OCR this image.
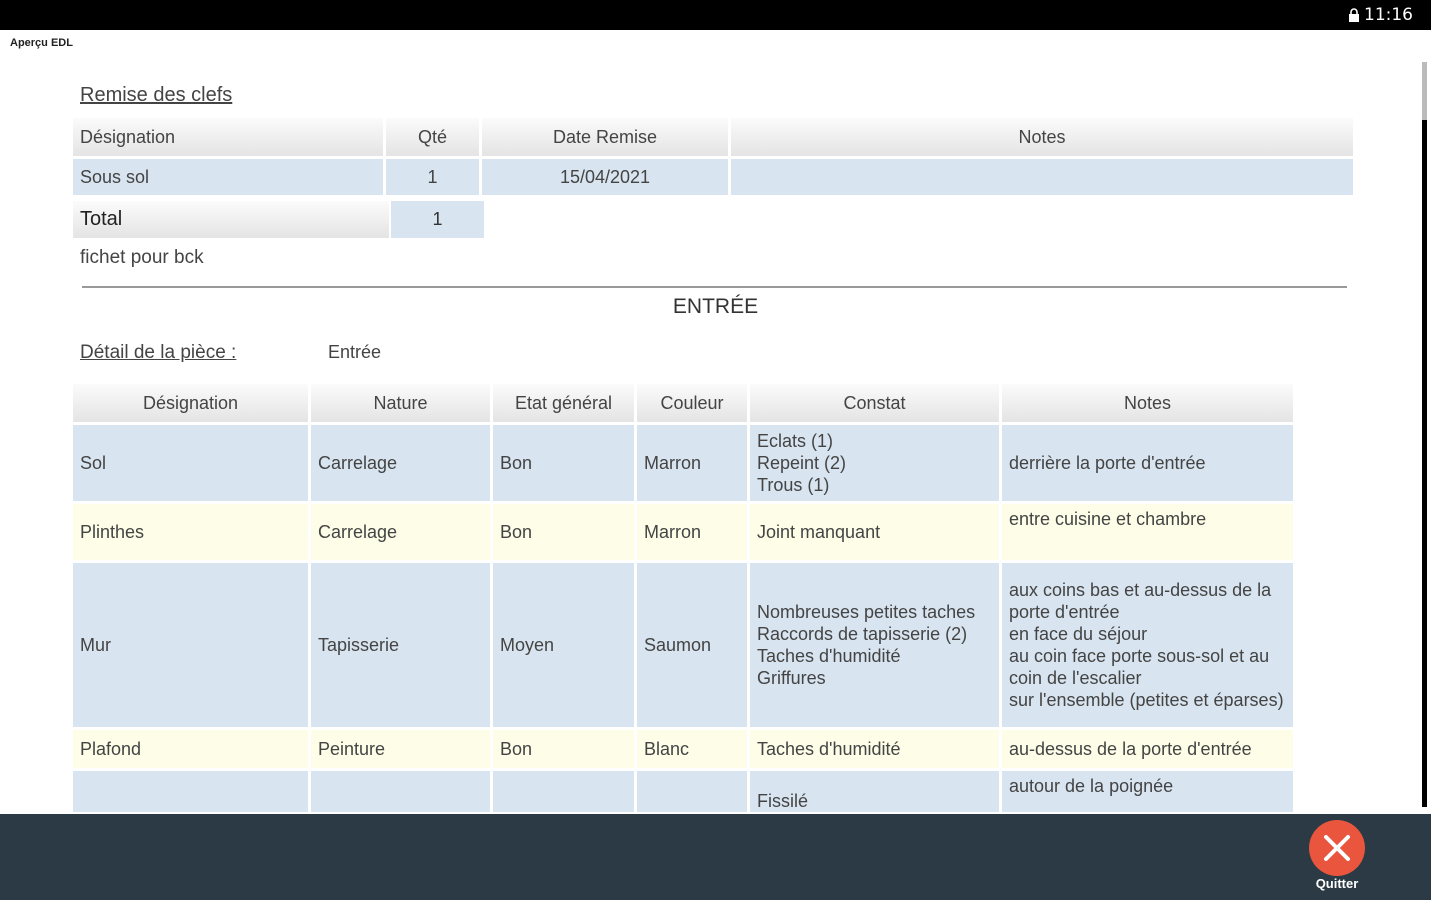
11:16
Aperçu EDL
Remise des clefs
Désignation	Qté	Date Remise	Notes
Sous sol	1	15/04/2021	
Total	1
fichet pour bck
ENTRÉE
Détail de la pièce :	Entrée
Désignation	Nature	Etat général	Couleur	Constat	Notes
Sol	Carrelage	Bon	Marron	Eclats (1)
Repeint (2)
Trous (1)	derrière la porte d'entrée
Plinthes	Carrelage	Bon	Marron	Joint manquant	entre cuisine et chambre
Mur	Tapisserie	Moyen	Saumon	Nombreuses petites taches
Raccords de tapisserie (2)
Taches d'humidité
Griffures	aux coins bas et au-dessus de la porte d'entrée
en face du séjour
au coin face porte sous-sol et au coin de l'escalier
sur l'ensemble (petites et éparses)
Plafond	Peinture	Bon	Blanc	Taches d'humidité	au-dessus de la porte d'entrée
				Fissilé	autour de la poignée
Quitter
